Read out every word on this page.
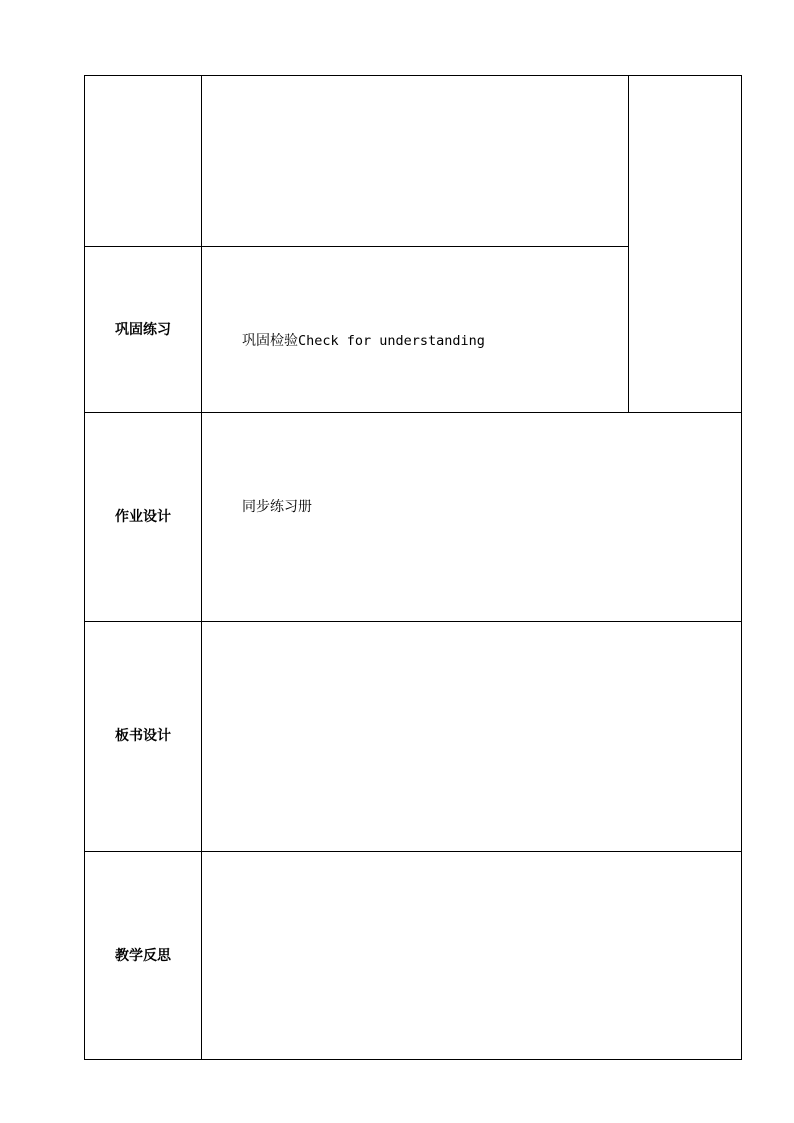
巩固练习
巩固检验Check for understanding
作业设计
同步练习册
板书设计
教学反思
